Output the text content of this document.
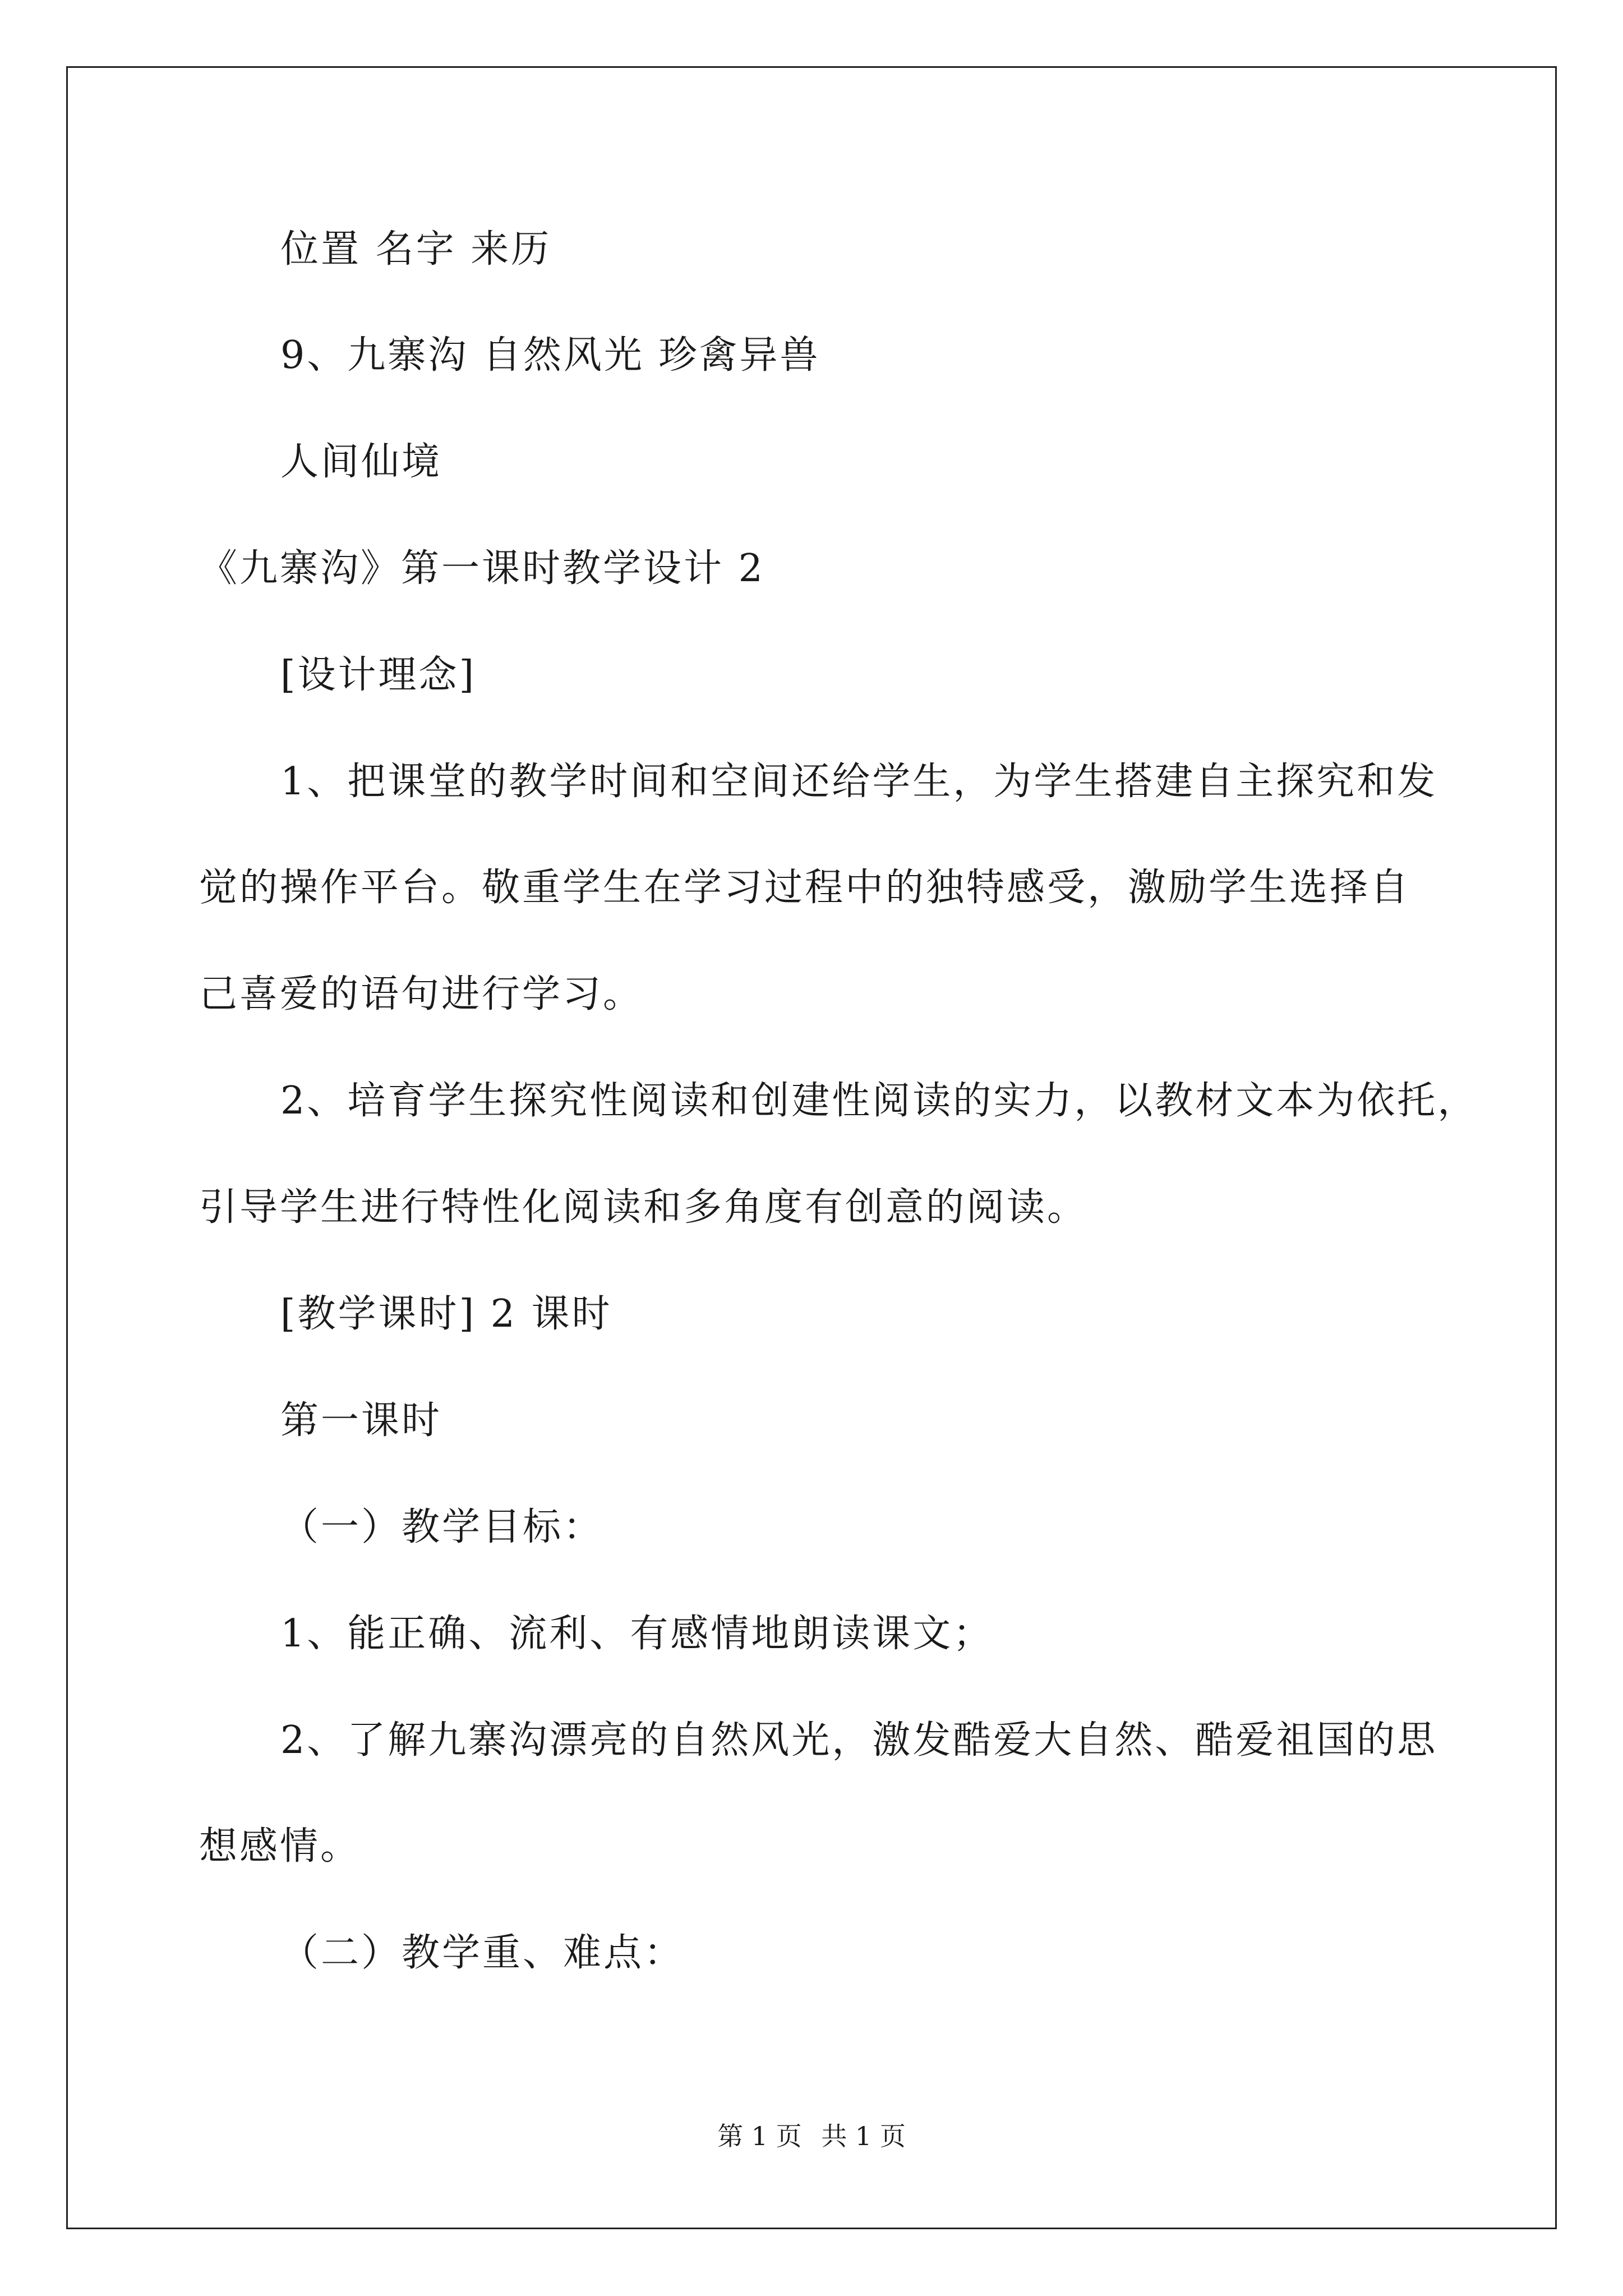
位置 名字 来历
9、九寨沟 自然风光 珍禽异兽
人间仙境
《九寨沟》第一课时教学设计 2
[设计理念]
1、把课堂的教学时间和空间还给学生，为学生搭建自主探究和发
觉的操作平台。敬重学生在学习过程中的独特感受，激励学生选择自
己喜爱的语句进行学习。
2、培育学生探究性阅读和创建性阅读的实力，以教材文本为依托，
引导学生进行特性化阅读和多角度有创意的阅读。
[教学课时] 2 课时
第一课时
（一）教学目标：
1、能正确、流利、有感情地朗读课文；
2、了解九寨沟漂亮的自然风光，激发酷爱大自然、酷爱祖国的思
想感情。
（二）教学重、难点：
第 1 页 共 1 页
